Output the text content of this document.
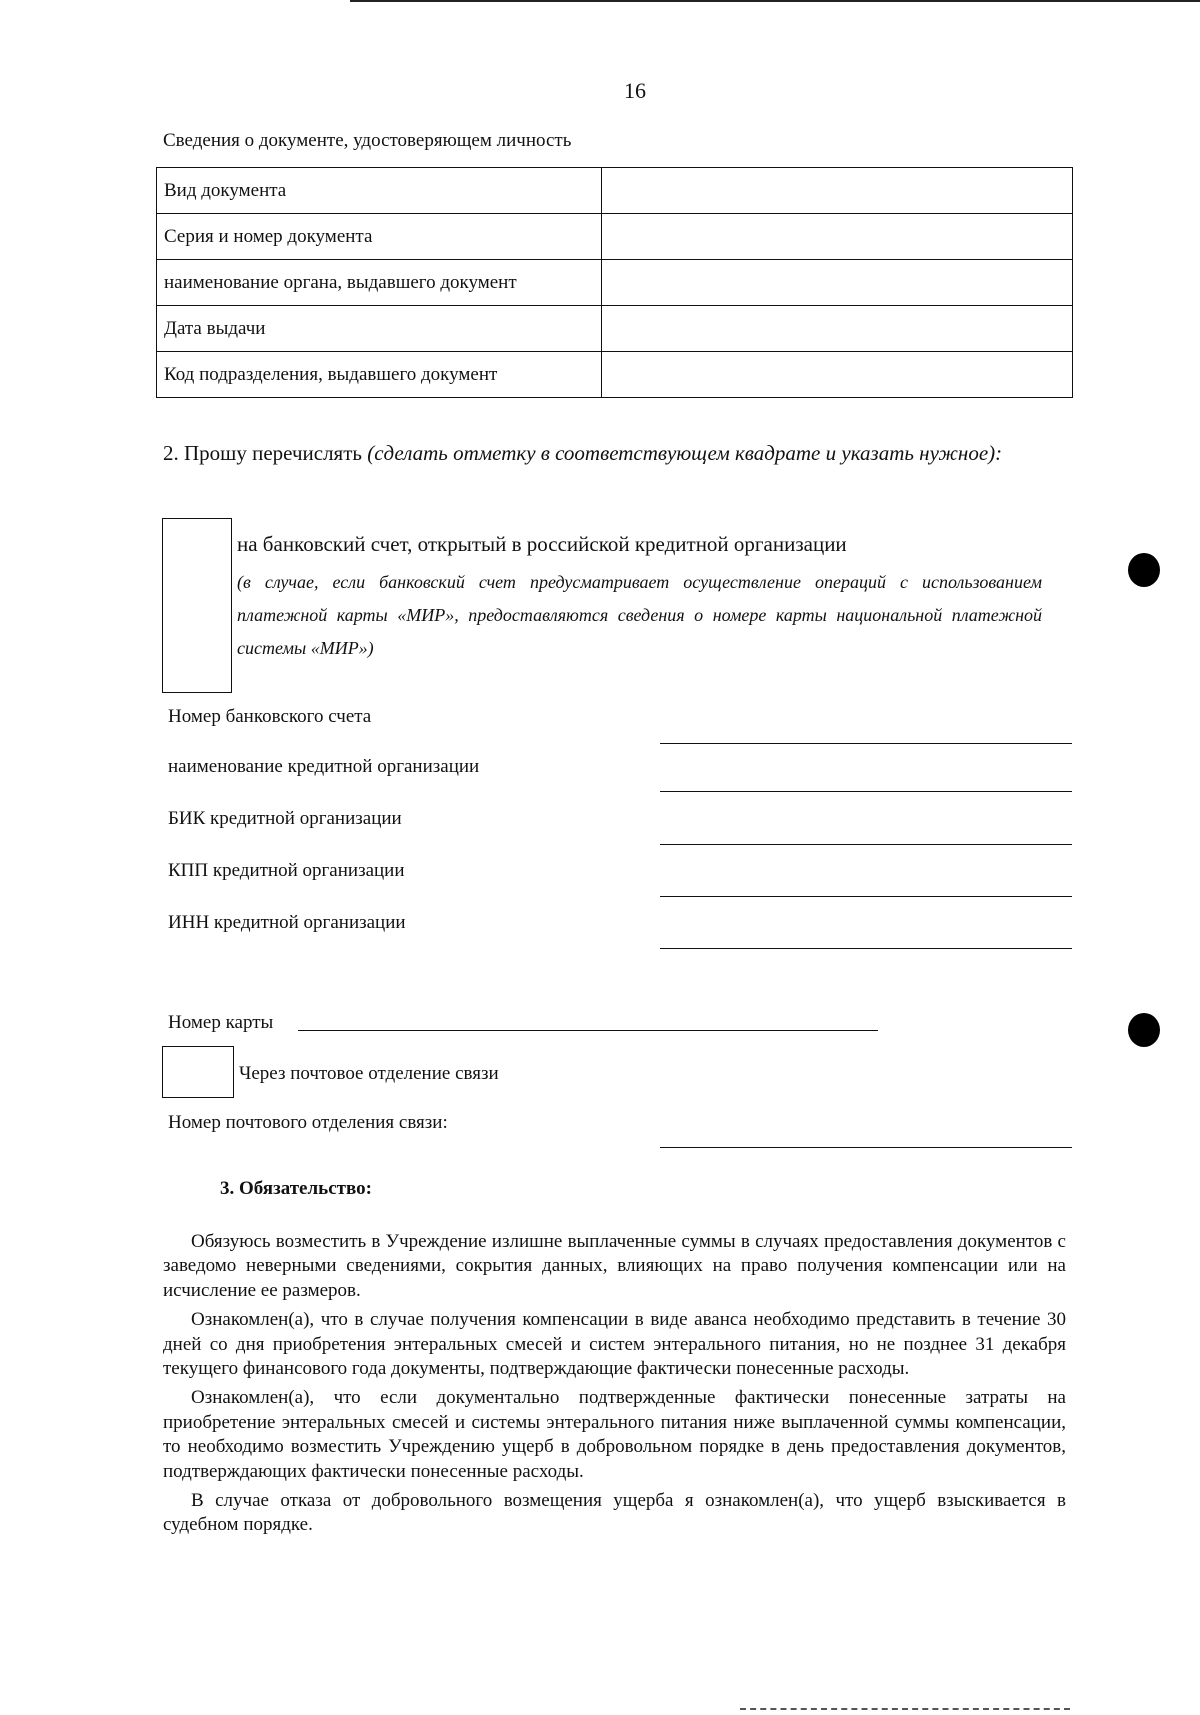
16
Сведения о документе, удостоверяющем личность
Вид документа	
Серия и номер документа	
наименование органа, выдавшего документ	
Дата выдачи	
Код подразделения, выдавшего документ	
2. Прошу перечислять (сделать отметку в соответствующем квадрате и указать нужное):
на банковский счет, открытый в российской кредитной организации
(в случае, если банковский счет предусматривает осуществление операций с использованием платежной карты «МИР», предоставляются сведения о номере карты национальной платежной системы «МИР»)
Номер банковского счета
наименование кредитной организации
БИК кредитной организации
КПП кредитной организации
ИНН кредитной организации
Номер карты
Через почтовое отделение связи
Номер почтового отделения связи:
3. Обязательство:

Обязуюсь возместить в Учреждение излишне выплаченные суммы в случаях предоставления документов с заведомо неверными сведениями, сокрытия данных, влияющих на право получения компенсации или на исчисление ее размеров.

Ознакомлен(а), что в случае получения компенсации в виде аванса необходимо представить в течение 30 дней со дня приобретения энтеральных смесей и систем энтерального питания, но не позднее 31 декабря текущего финансового года документы, подтверждающие фактически понесенные расходы.

Ознакомлен(а), что если документально подтвержденные фактически понесенные затраты на приобретение энтеральных смесей и системы энтерального питания ниже выплаченной суммы компенсации, то необходимо возместить Учреждению ущерб в добровольном порядке в день предоставления документов, подтверждающих фактически понесенные расходы.

В случае отказа от добровольного возмещения ущерба я ознакомлен(а), что ущерб взыскивается в судебном порядке.
